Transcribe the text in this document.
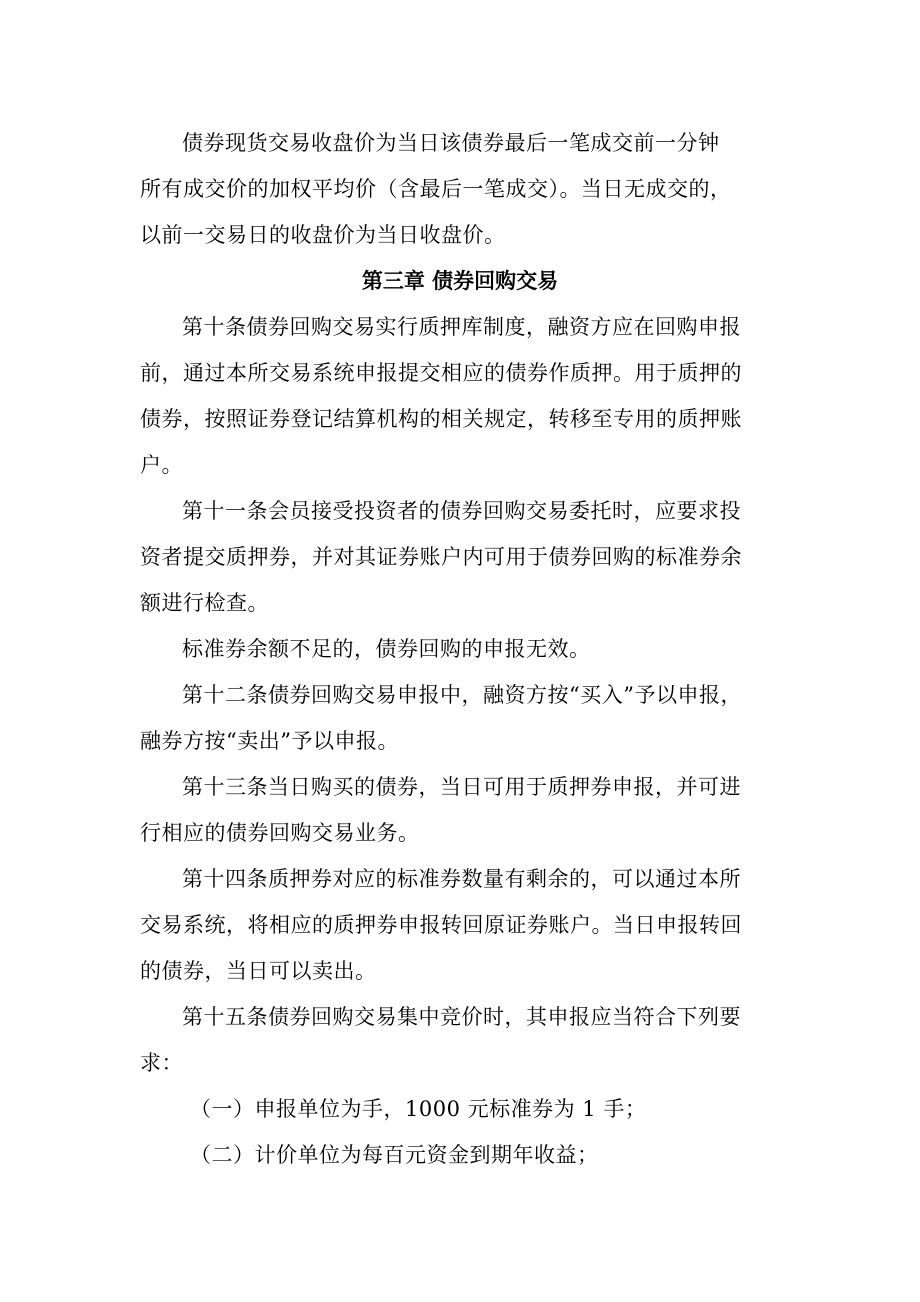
债券现货交易收盘价为当日该债券最后一笔成交前一分钟
所有成交价的加权平均价（含最后一笔成交）。当日无成交的，
以前一交易日的收盘价为当日收盘价。

第三章 债券回购交易

第十条债券回购交易实行质押库制度，融资方应在回购申报
前，通过本所交易系统申报提交相应的债券作质押。用于质押的
债券，按照证券登记结算机构的相关规定，转移至专用的质押账
户。

第十一条会员接受投资者的债券回购交易委托时，应要求投
资者提交质押券，并对其证券账户内可用于债券回购的标准券余
额进行检查。

标准券余额不足的，债券回购的申报无效。

第十二条债券回购交易申报中，融资方按“买入”予以申报，
融券方按“卖出”予以申报。

第十三条当日购买的债券，当日可用于质押券申报，并可进
行相应的债券回购交易业务。

第十四条质押券对应的标准券数量有剩余的，可以通过本所
交易系统，将相应的质押券申报转回原证券账户。当日申报转回
的债券，当日可以卖出。

第十五条债券回购交易集中竞价时，其申报应当符合下列要
求：

（一）申报单位为手，1000 元标准券为 1 手；

（二）计价单位为每百元资金到期年收益；
